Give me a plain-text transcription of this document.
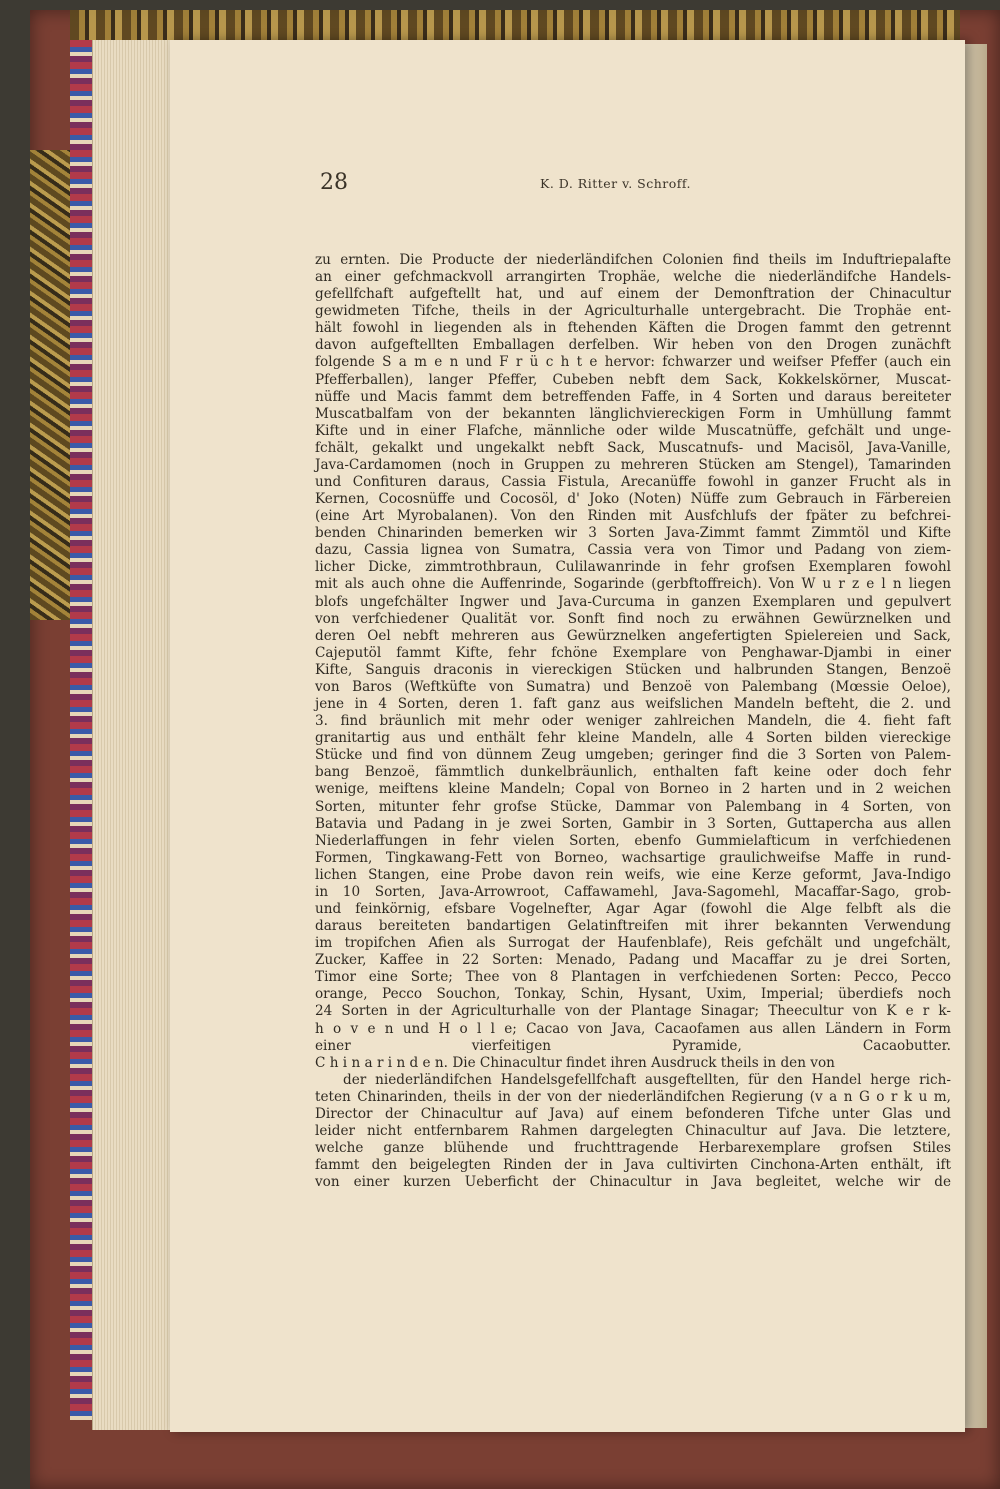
28	K. D. Ritter v. Schroff.
zu ernten. Die Producte der niederländifchen Colonien find theils im Induftriepalafte
an einer gefchmackvoll arrangirten Trophäe, welche die niederländifche Handels-
gefellfchaft aufgeftellt hat, und auf einem der Demonftration der Chinacultur
gewidmeten Tifche, theils in der Agriculturhalle untergebracht. Die Trophäe ent-
hält fowohl in liegenden als in ftehenden Käften die Drogen fammt den getrennt
davon aufgeftellten Emballagen derfelben. Wir heben von den Drogen zunächft
folgende S a m e n und F r ü c h t e hervor: fchwarzer und weifser Pfeffer (auch ein
Pfefferballen), langer Pfeffer, Cubeben nebft dem Sack, Kokkelskörner, Muscat-
nüffe und Macis fammt dem betreffenden Faffe, in 4 Sorten und daraus bereiteter
Muscatbalfam von der bekannten länglichviereckigen Form in Umhüllung fammt
Kifte und in einer Flafche, männliche oder wilde Muscatnüffe, gefchält und unge-
fchält, gekalkt und ungekalkt nebft Sack, Muscatnufs- und Macisöl, Java-Vanille,
Java-Cardamomen (noch in Gruppen zu mehreren Stücken am Stengel), Tamarinden
und Confituren daraus, Cassia Fistula, Arecanüffe fowohl in ganzer Frucht als in
Kernen, Cocosnüffe und Cocosöl, d' Joko (Noten) Nüffe zum Gebrauch in Färbereien
(eine Art Myrobalanen). Von den Rinden mit Ausfchlufs der fpäter zu befchrei-
benden Chinarinden bemerken wir 3 Sorten Java-Zimmt fammt Zimmtöl und Kifte
dazu, Cassia lignea von Sumatra, Cassia vera von Timor und Padang von ziem-
licher Dicke, zimmtrothbraun, Culilawanrinde in fehr grofsen Exemplaren fowohl
mit als auch ohne die Auffenrinde, Sogarinde (gerbftoffreich). Von W u r z e l n liegen
blofs ungefchälter Ingwer und Java-Curcuma in ganzen Exemplaren und gepulvert
von verfchiedener Qualität vor. Sonft find noch zu erwähnen Gewürznelken und
deren Oel nebft mehreren aus Gewürznelken angefertigten Spielereien und Sack,
Cajeputöl fammt Kifte, fehr fchöne Exemplare von Penghawar-Djambi in einer
Kifte, Sanguis draconis in viereckigen Stücken und halbrunden Stangen, Benzoë
von Baros (Weftküfte von Sumatra) und Benzoë von Palembang (Mœssie Oeloe),
jene in 4 Sorten, deren 1. faft ganz aus weifslichen Mandeln befteht, die 2. und
3. find bräunlich mit mehr oder weniger zahlreichen Mandeln, die 4. fieht faft
granitartig aus und enthält fehr kleine Mandeln, alle 4 Sorten bilden viereckige
Stücke und find von dünnem Zeug umgeben; geringer find die 3 Sorten von Palem-
bang Benzoë, fämmtlich dunkelbräunlich, enthalten faft keine oder doch fehr
wenige, meiftens kleine Mandeln; Copal von Borneo in 2 harten und in 2 weichen
Sorten, mitunter fehr grofse Stücke, Dammar von Palembang in 4 Sorten, von
Batavia und Padang in je zwei Sorten, Gambir in 3 Sorten, Guttapercha aus allen
Niederlaffungen in fehr vielen Sorten, ebenfo Gummielafticum in verfchiedenen
Formen, Tingkawang-Fett von Borneo, wachsartige graulichweifse Maffe in rund-
lichen Stangen, eine Probe davon rein weifs, wie eine Kerze geformt, Java-Indigo
in 10 Sorten, Java-Arrowroot, Caffawamehl, Java-Sagomehl, Macaffar-Sago, grob-
und feinkörnig, efsbare Vogelnefter, Agar Agar (fowohl die Alge felbft als die
daraus bereiteten bandartigen Gelatinftreifen mit ihrer bekannten Verwendung
im tropifchen Afien als Surrogat der Haufenblafe), Reis gefchält und ungefchält,
Zucker, Kaffee in 22 Sorten: Menado, Padang und Macaffar zu je drei Sorten,
Timor eine Sorte; Thee von 8 Plantagen in verfchiedenen Sorten: Pecco, Pecco
orange, Pecco Souchon, Tonkay, Schin, Hysant, Uxim, Imperial; überdiefs noch
24 Sorten in der Agriculturhalle von der Plantage Sinagar; Theecultur von K e r k-
h o v e n und H o l l e; Cacao von Java, Cacaofamen aus allen Ländern in Form
einer vierfeitigen Pyramide, Cacaobutter.
C h i n a r i n d e n. Die Chinacultur findet ihren Ausdruck theils in den von
der niederländifchen Handelsgefellfchaft ausgeftellten, für den Handel herge rich-
teten Chinarinden, theils in der von der niederländifchen Regierung (v a n G o r k u m,
Director der Chinacultur auf Java) auf einem befonderen Tifche unter Glas und
leider nicht entfernbarem Rahmen dargelegten Chinacultur auf Java. Die letztere,
welche ganze blühende und fruchttragende Herbarexemplare grofsen Stiles
fammt den beigelegten Rinden der in Java cultivirten Cinchona-Arten enthält, ift
von einer kurzen Ueberficht der Chinacultur in Java begleitet, welche wir de
